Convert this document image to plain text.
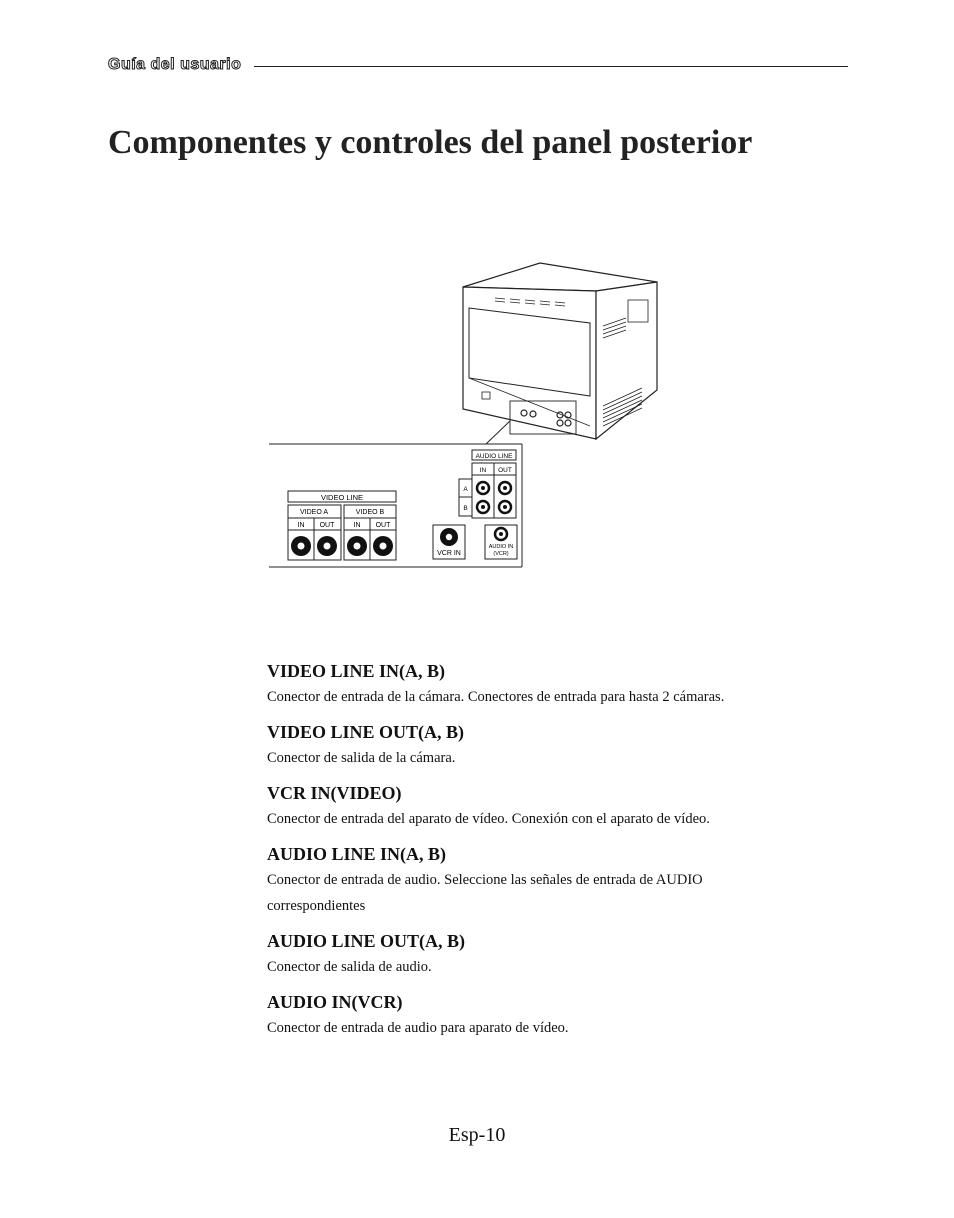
Guía del usuario
Componentes y controles del panel posterior
VIDEO LINE
VIDEO A
IN OUT
VIDEO B
IN OUT
AUDIO LINE
IN OUT
A
B
VCR IN
AUDIO IN
(VCR)

VIDEO LINE IN(A, B)

Conector de entrada de la cámara. Conectores de entrada para hasta 2 cámaras.

VIDEO LINE OUT(A, B)

Conector de salida de la cámara.

VCR IN(VIDEO)

Conector de entrada del aparato de vídeo. Conexión con el aparato de vídeo.

AUDIO LINE IN(A, B)

Conector de entrada de audio. Seleccione las señales de entrada de AUDIO correspondientes

AUDIO LINE OUT(A, B)

Conector de salida de audio.

AUDIO IN(VCR)

Conector de entrada de audio para aparato de vídeo.

Esp-10
